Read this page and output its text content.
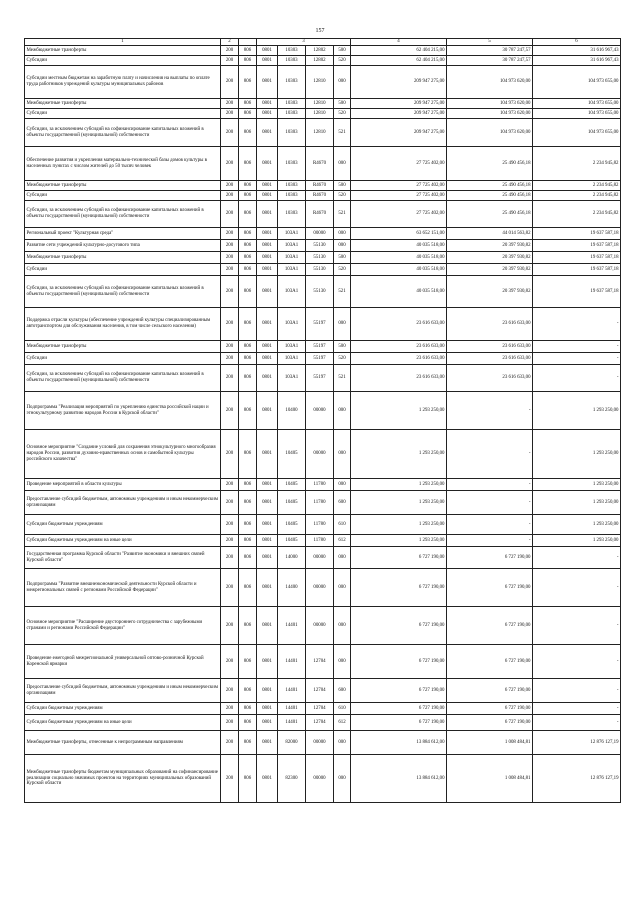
157
1	2		3				4	5	6
Межбюджетные трансферты	200	806	0801	10303	12802	500	62 404 215,00	30 787 247,57	31 616 967,43
Субсидии	200	806	0801	10303	12802	520	62 404 215,00	30 787 247,57	31 616 967,43
Субсидии местным бюджетам на заработную плату и начисления на выплаты по оплате труда работников учреждений культуры муниципальных районов	200	806	0801	10303	12810	000	209 947 275,00	104 973 620,00	104 973 655,00
Межбюджетные трансферты	200	806	0801	10303	12810	500	209 947 275,00	104 973 620,00	104 973 655,00
Субсидии	200	806	0801	10303	12810	520	209 947 275,00	104 973 620,00	104 973 655,00
Субсидии, за исключением субсидий на софинансирование капитальных вложений в объекты государственной (муниципальной) собственности	200	806	0801	10303	12810	521	209 947 275,00	104 973 620,00	104 973 655,00
Обеспечение развития и укрепления материально-технической базы домов культуры в населенных пунктах с числом жителей до 50 тысяч человек	200	806	0801	10303	R4670	000	27 725 402,00	25 490 456,18	2 234 945,82
Межбюджетные трансферты	200	806	0801	10303	R4670	500	27 725 402,00	25 490 456,18	2 234 945,82
Субсидии	200	806	0801	10303	R4670	520	27 725 402,00	25 490 456,18	2 234 945,82
Субсидии, за исключением субсидий на софинансирование капитальных вложений в объекты государственной (муниципальной) собственности	200	806	0801	10303	R4670	521	27 725 402,00	25 490 456,18	2 234 945,82
Региональный проект "Культурная среда"	200	806	0801	103A1	00000	000	63 652 151,00	44 014 563,82	19 637 587,18
Развитие сети учреждений культурно-досугового типа	200	806	0801	103A1	55130	000	40 035 518,00	20 397 930,82	19 637 587,18
Межбюджетные трансферты	200	806	0801	103A1	55130	500	40 035 518,00	20 397 930,82	19 637 587,18
Субсидии	200	806	0801	103A1	55130	520	40 035 518,00	20 397 930,82	19 637 587,18
Субсидии, за исключением субсидий на софинансирование капитальных вложений в объекты государственной (муниципальной) собственности	200	806	0801	103A1	55130	521	40 035 518,00	20 397 930,82	19 637 587,18
Поддержка отрасли культуры (обеспечение учреждений культуры специализированным автотранспортом для обслуживания населения, в том числе сельского населения)	200	806	0801	103A1	55197	000	23 616 633,00	23 616 633,00	-
Межбюджетные трансферты	200	806	0801	103A1	55197	500	23 616 633,00	23 616 633,00	-
Субсидии	200	806	0801	103A1	55197	520	23 616 633,00	23 616 633,00	-
Субсидии, за исключением субсидий на софинансирование капитальных вложений в объекты государственной (муниципальной) собственности	200	806	0801	103A1	55197	521	23 616 633,00	23 616 633,00	-
Подпрограмма "Реализация мероприятий по укреплению единства российской нации и этнокультурному развитию народов России в Курской области"	200	806	0801	10400	00000	000	1 293 250,00	-	1 293 250,00
Основное мероприятие "Создание условий для сохранения этнокультурного многообразия народов России, развития духовно-нравственных основ и самобытной культуры российского казачества"	200	806	0801	10405	00000	000	1 293 250,00	-	1 293 250,00
Проведение мероприятий в области культуры	200	806	0801	10405	11780	000	1 293 250,00	-	1 293 250,00
Предоставление субсидий бюджетным, автономным учреждениям и иным некоммерческим организациям	200	806	0801	10405	11780	600	1 293 250,00	-	1 293 250,00
Субсидии бюджетным учреждениям	200	806	0801	10405	11780	610	1 293 250,00	-	1 293 250,00
Субсидии бюджетным учреждениям на иные цели	200	806	0801	10405	11780	612	1 293 250,00	-	1 293 250,00
Государственная программа Курской области "Развитие экономики и внешних связей Курской области"	200	806	0801	14000	00000	000	6 727 190,00	6 727 190,00	-
Подпрограмма "Развитие внешнеэкономической деятельности Курской области и межрегиональных связей с регионами Российской Федерации"	200	806	0801	14400	00000	000	6 727 190,00	6 727 190,00	-
Основное мероприятие "Расширение двустороннего сотрудничества с зарубежными странами и регионами Российской Федерации"	200	806	0801	14401	00000	000	6 727 190,00	6 727 190,00	-
Проведение ежегодной межрегиональной универсальной оптово-розничной Курской Коренской ярмарки	200	806	0801	14401	12704	000	6 727 190,00	6 727 190,00	-
Предоставление субсидий бюджетным, автономным учреждениям и иным некоммерческим организациям	200	806	0801	14401	12704	600	6 727 190,00	6 727 190,00	-
Субсидии бюджетным учреждениям	200	806	0801	14401	12704	610	6 727 190,00	6 727 190,00	-
Субсидии бюджетным учреждениям на иные цели	200	806	0801	14401	12704	612	6 727 190,00	6 727 190,00	-
Межбюджетные трансферты, отнесенные к непрограммным направлениям	200	806	0801	82000	00000	000	13 884 612,00	1 008 484,81	12 876 127,19
Межбюджетные трансферты бюджетам муниципальных образований на софинансирование реализации социально значимых проектов на территориях муниципальных образований Курской области	200	806	0801	82300	00000	000	13 884 612,00	1 008 484,81	12 876 127,19
